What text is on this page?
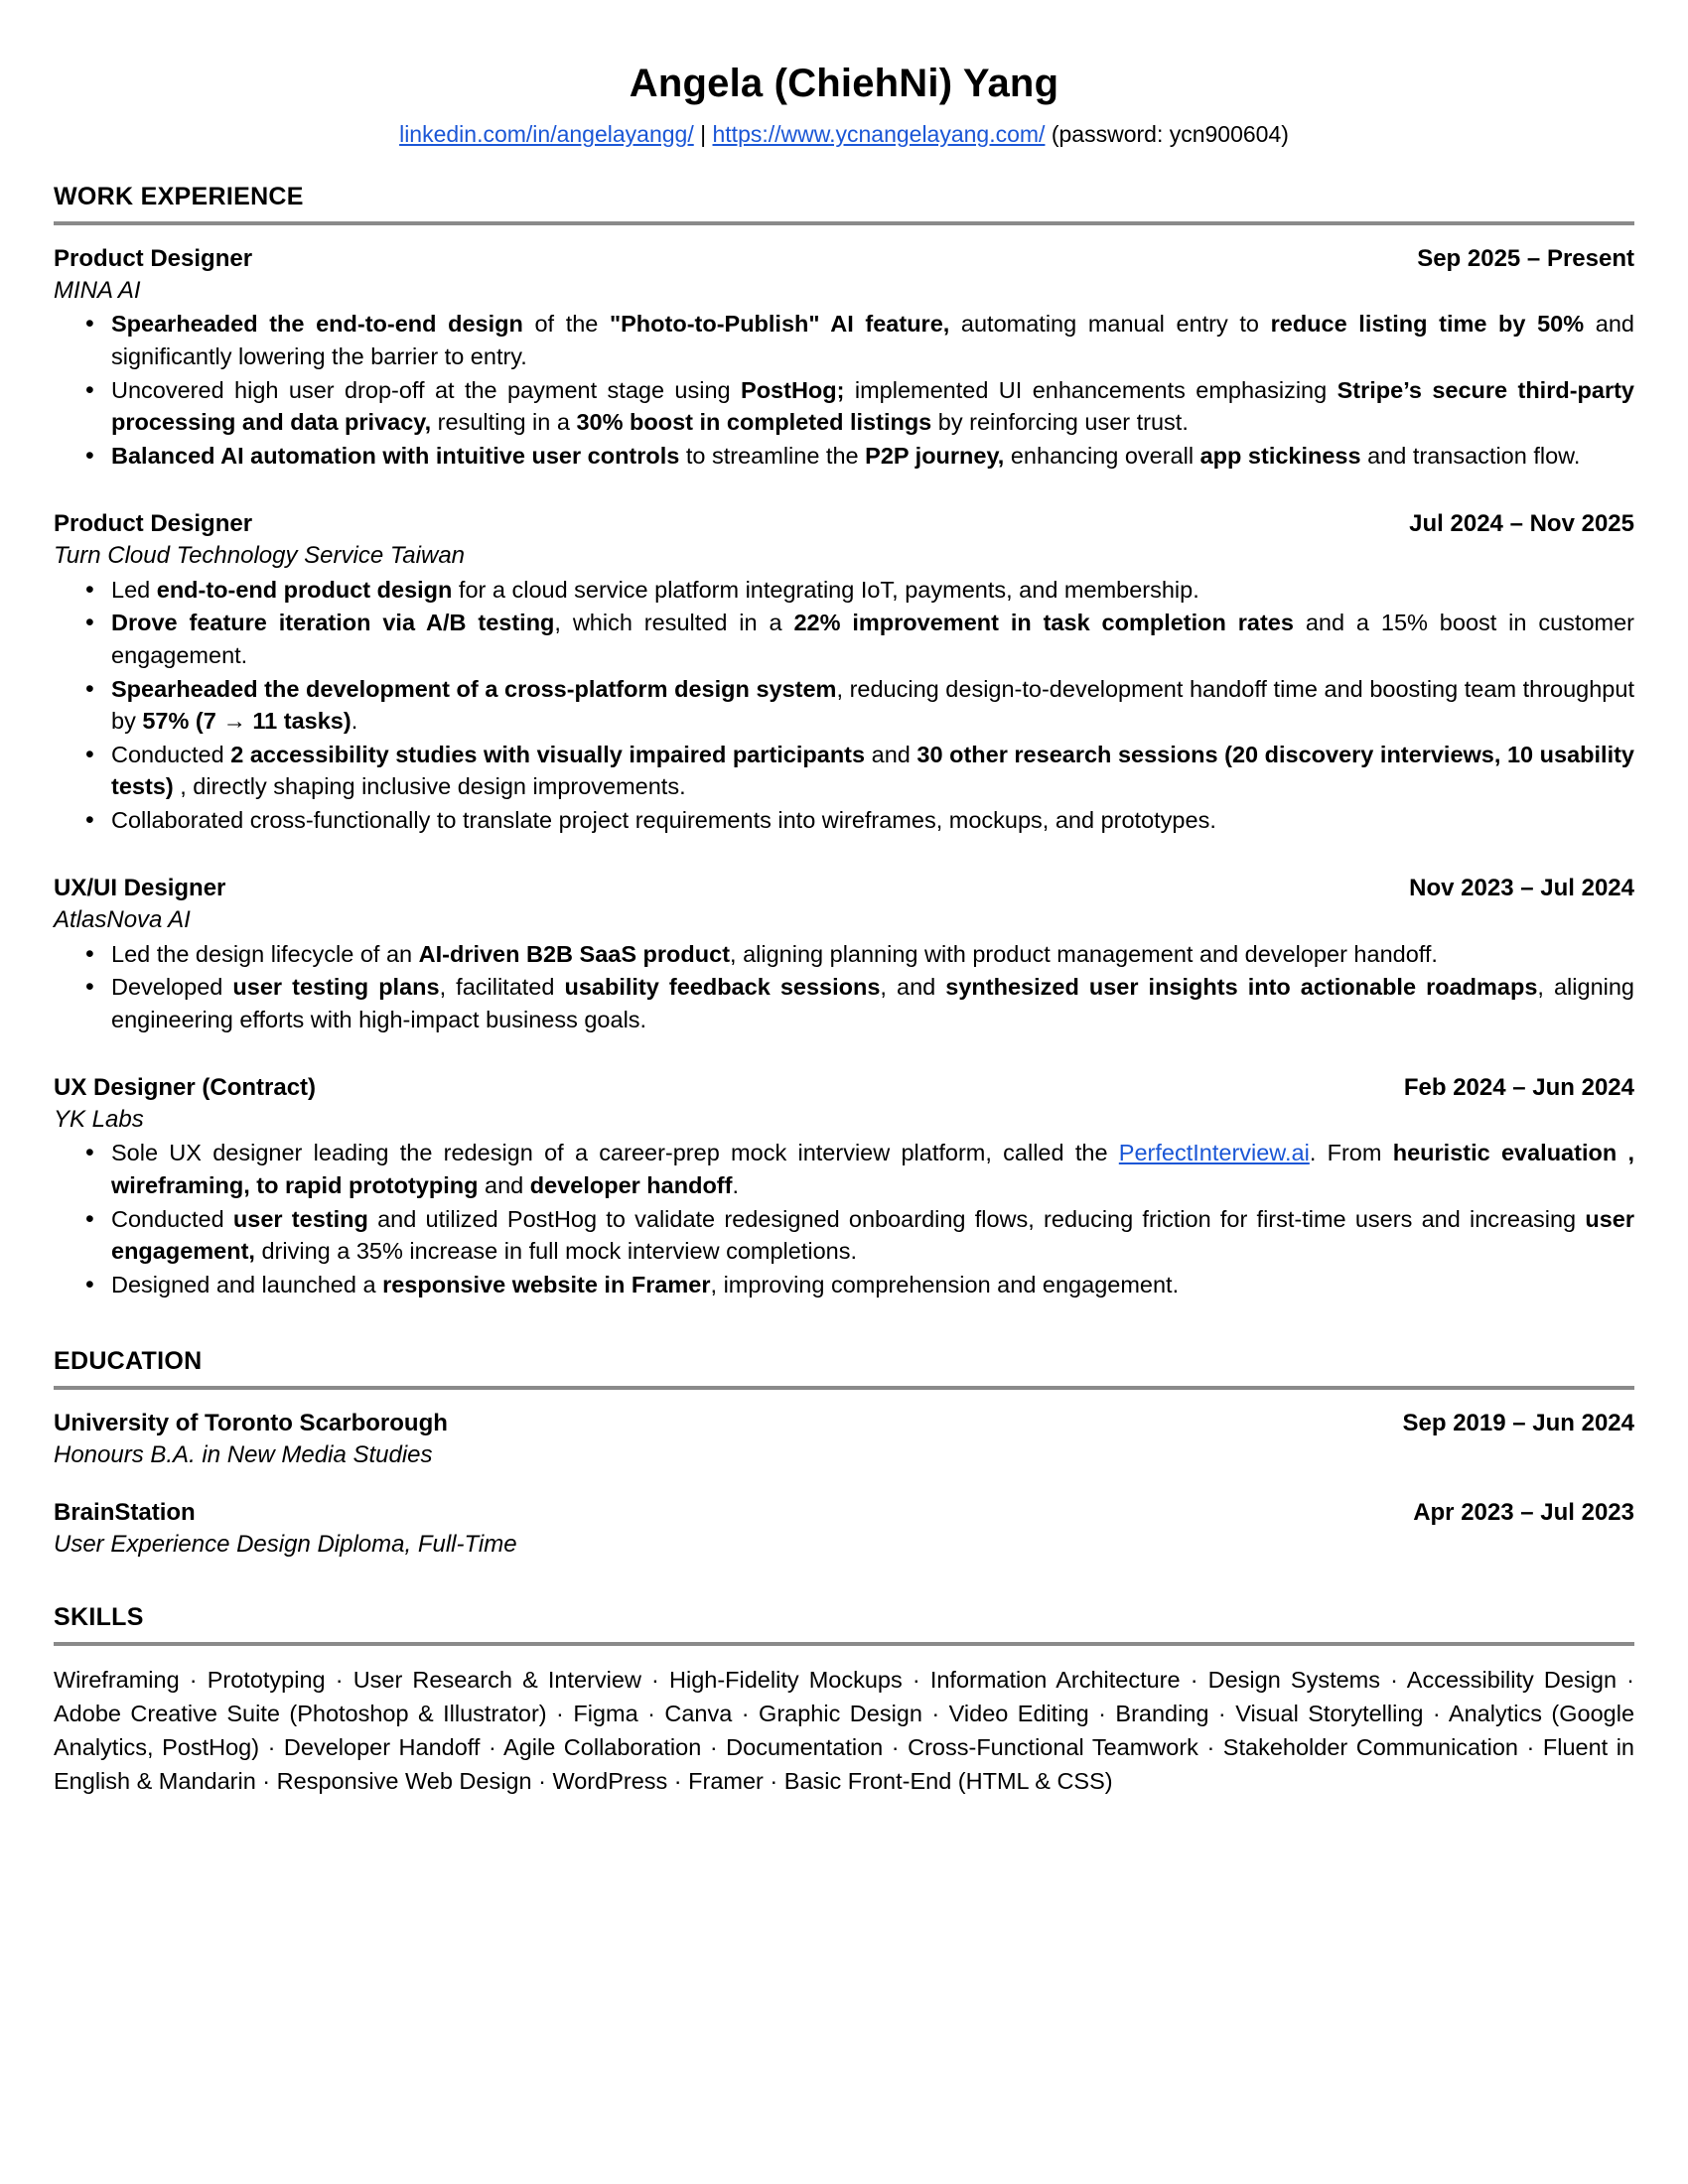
Angela (ChiehNi) Yang
linkedin.com/in/angelayangg/ | https://www.ycnangelayang.com/ (password: ycn900604)
WORK EXPERIENCE
Product Designer	Sep 2025 – Present
MINA AI
• Spearheaded the end-to-end design of the "Photo-to-Publish" AI feature, automating manual entry to reduce listing time by 50% and significantly lowering the barrier to entry.
• Uncovered high user drop-off at the payment stage using PostHog; implemented UI enhancements emphasizing Stripe’s secure third-party processing and data privacy, resulting in a 30% boost in completed listings by reinforcing user trust.
• Balanced AI automation with intuitive user controls to streamline the P2P journey, enhancing overall app stickiness and transaction flow.
Product Designer	Jul 2024 – Nov 2025
Turn Cloud Technology Service Taiwan
• Led end-to-end product design for a cloud service platform integrating IoT, payments, and membership.
• Drove feature iteration via A/B testing, which resulted in a 22% improvement in task completion rates and a 15% boost in customer engagement.
• Spearheaded the development of a cross-platform design system, reducing design-to-development handoff time and boosting team throughput by 57% (7 → 11 tasks).
• Conducted 2 accessibility studies with visually impaired participants and 30 other research sessions (20 discovery interviews, 10 usability tests) , directly shaping inclusive design improvements.
• Collaborated cross-functionally to translate project requirements into wireframes, mockups, and prototypes.
UX/UI Designer	Nov 2023 – Jul 2024
AtlasNova AI
• Led the design lifecycle of an AI-driven B2B SaaS product, aligning planning with product management and developer handoff.
• Developed user testing plans, facilitated usability feedback sessions, and synthesized user insights into actionable roadmaps, aligning engineering efforts with high-impact business goals.
UX Designer (Contract)	Feb 2024 – Jun 2024
YK Labs
• Sole UX designer leading the redesign of a career-prep mock interview platform, called the PerfectInterview.ai. From heuristic evaluation , wireframing, to rapid prototyping and developer handoff.
• Conducted user testing and utilized PostHog to validate redesigned onboarding flows, reducing friction for first-time users and increasing user engagement, driving a 35% increase in full mock interview completions.
• Designed and launched a responsive website in Framer, improving comprehension and engagement.
EDUCATION
University of Toronto Scarborough	Sep 2019 – Jun 2024
Honours B.A. in New Media Studies
BrainStation	Apr 2023 – Jul 2023
User Experience Design Diploma, Full-Time
SKILLS
Wireframing · Prototyping · User Research & Interview · High-Fidelity Mockups · Information Architecture · Design Systems · Accessibility Design · Adobe Creative Suite (Photoshop & Illustrator) · Figma · Canva · Graphic Design · Video Editing · Branding · Visual Storytelling · Analytics (Google Analytics, PostHog) · Developer Handoff · Agile Collaboration · Documentation · Cross-Functional Teamwork · Stakeholder Communication · Fluent in English & Mandarin · Responsive Web Design · WordPress · Framer · Basic Front-End (HTML & CSS)
